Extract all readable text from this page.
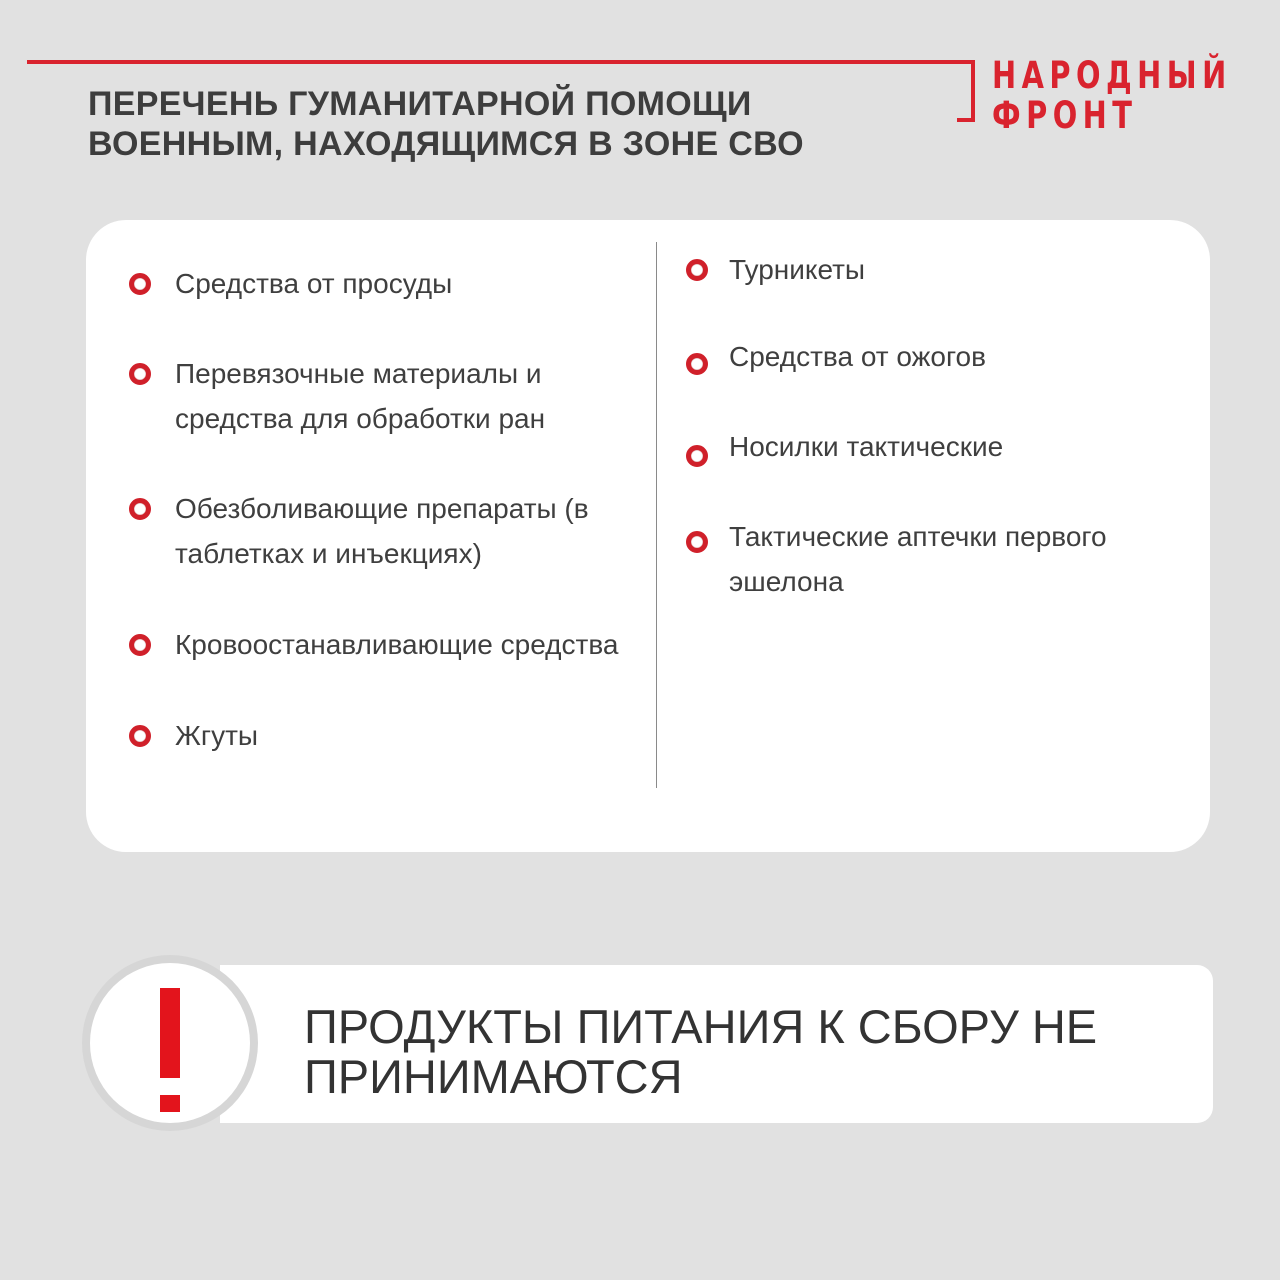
ПЕРЕЧЕНЬ ГУМАНИТАРНОЙ ПОМОЩИ
ВОЕННЫМ, НАХОДЯЩИМСЯ В ЗОНЕ СВО
НАРОДНЫЙ
ФРОНТ
Средства от просуды
Перевязочные материалы и
средства для обработки ран
Обезболивающие препараты (в
таблетках и инъекциях)
Кровоостанавливающие средства
Жгуты
Турникеты
Средства от ожогов
Носилки тактические
Тактические аптечки первого
эшелона
ПРОДУКТЫ ПИТАНИЯ К СБОРУ НЕ
ПРИНИМАЮТСЯ
